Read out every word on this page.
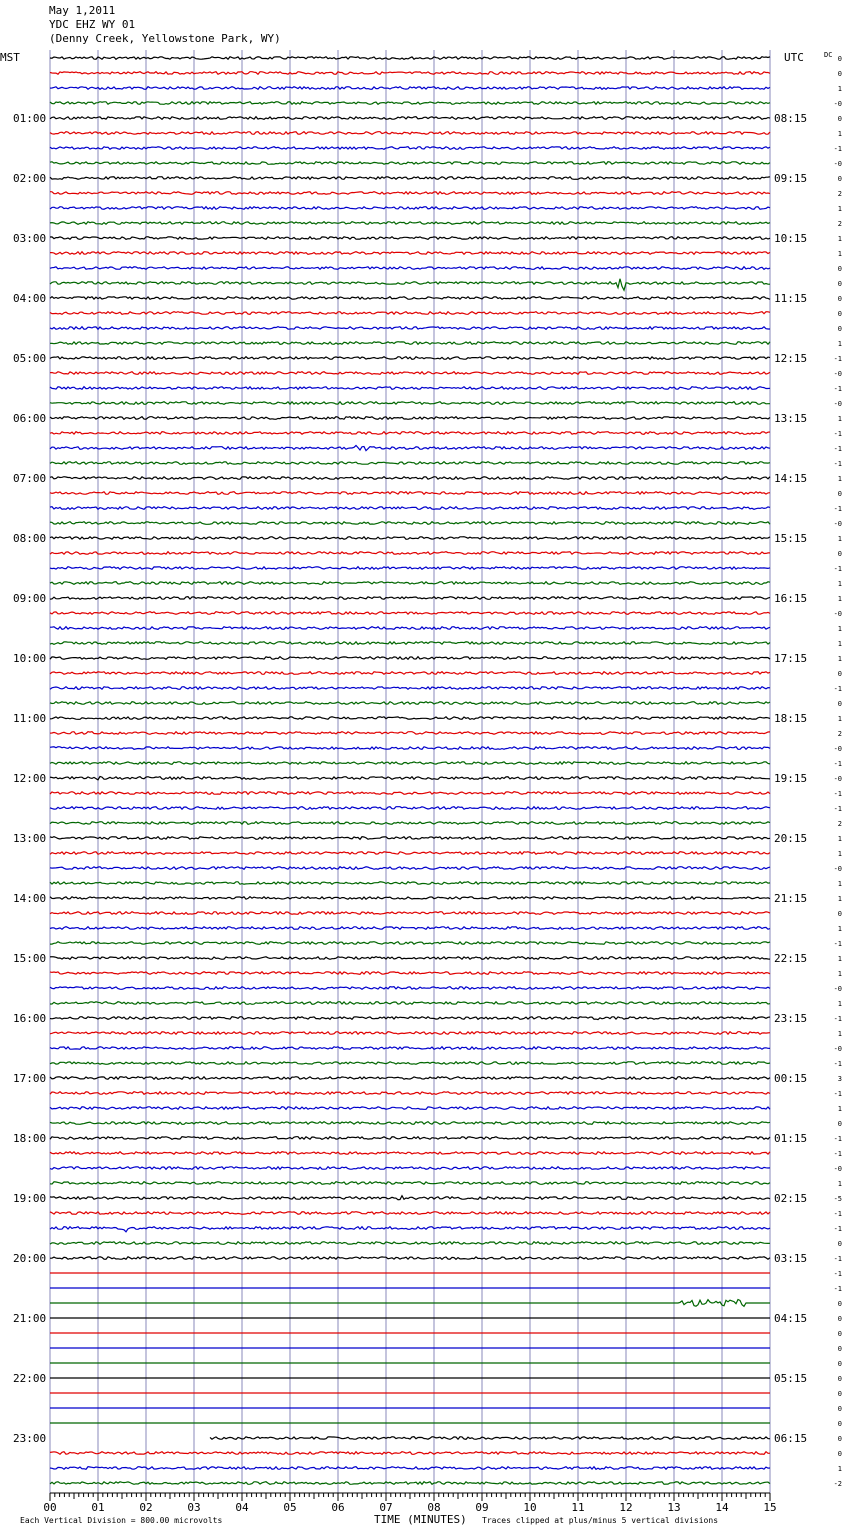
May 1,2011
YDC EHZ WY 01
(Denny Creek, Yellowstone Park, WY)
0
0
1
-0
0
1
-1
-0
0
2
1
2
1
1
0
0
0
0
0
1
-1
-0
-1
-0
1
-1
-1
-1
1
0
-1
-0
1
0
-1
1
1
-0
1
1
1
0
-1
0
1
2
-0
-1
-0
-1
-1
2
1
1
-0
1
1
0
1
-1
1
1
-0
1
-1
1
-0
-1
3
-1
1
0
-1
-1
-0
1
-5
-1
-1
0
-1
-1
-1
0
0
0
0
0
0
0
0
0
0
0
1
-2
01:00	08:15
02:00	09:15
03:00	10:15
04:00	11:15
05:00	12:15
06:00	13:15
07:00	14:15
08:00	15:15
09:00	16:15
10:00	17:15
11:00	18:15
12:00	19:15
13:00	20:15
14:00	21:15
15:00	22:15
16:00	23:15
17:00	00:15
18:00	01:15
19:00	02:15
20:00	03:15
21:00	04:15
22:00	05:15
23:00	06:15
00	01	02	03	04	05	06	07	08	09	10	11	12	13	14	15
MST	UTC	DC
Each Vertical Division = 800.00 microvolts	TIME (MINUTES) Traces clipped at plus/minus 5 vertical divisions
